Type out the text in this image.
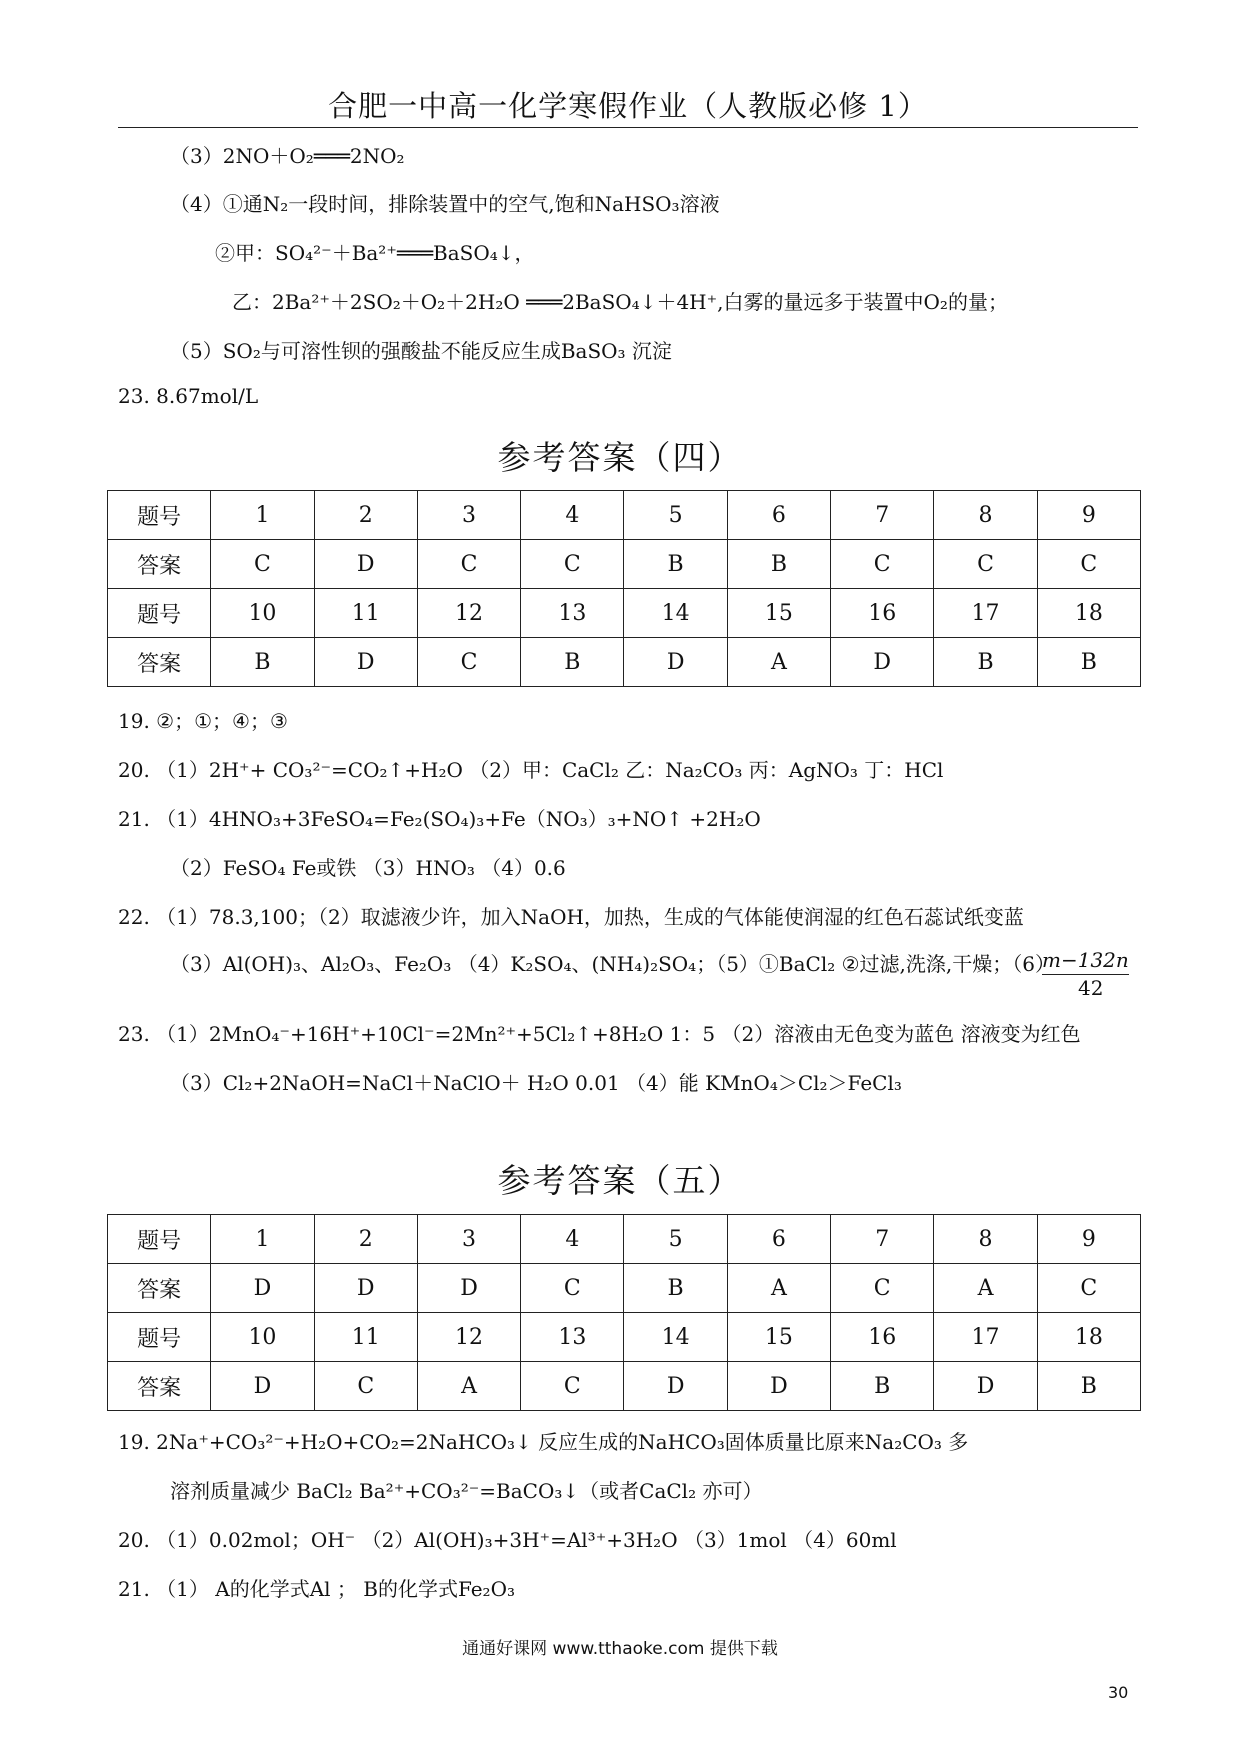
合肥一中高一化学寒假作业（人教版必修 1）
（3）2NO＋O₂═══2NO₂
（4）①通N₂一段时间，排除装置中的空气,饱和NaHSO₃溶液
②甲：SO₄²⁻＋Ba²⁺═══BaSO₄↓，
乙：2Ba²⁺＋2SO₂＋O₂＋2H₂O ═══2BaSO₄↓＋4H⁺,白雾的量远多于装置中O₂的量；
（5）SO₂与可溶性钡的强酸盐不能反应生成BaSO₃ 沉淀
23. 8.67mol/L
参考答案（四）
题号	1	2	3	4	5	6	7	8	9
答案	C	D	C	C	B	B	C	C	C
题号	10	11	12	13	14	15	16	17	18
答案	B	D	C	B	D	A	D	B	B
19. ②；①；④；③
20. （1）2H⁺+ CO₃²⁻=CO₂↑+H₂O （2）甲：CaCl₂ 乙：Na₂CO₃ 丙：AgNO₃ 丁：HCl
21. （1）4HNO₃+3FeSO₄=Fe₂(SO₄)₃+Fe（NO₃）₃+NO↑ +2H₂O
（2）FeSO₄ Fe或铁 （3）HNO₃ （4）0.6
22. （1）78.3,100；（2）取滤液少许，加入NaOH，加热，生成的气体能使润湿的红色石蕊试纸变蓝
（3）Al(OH)₃、Al₂O₃、Fe₂O₃ （4）K₂SO₄、(NH₄)₂SO₄；（5）①BaCl₂ ②过滤,洗涤,干燥；（6）
m−132n
42
23. （1）2MnO₄⁻+16H⁺+10Cl⁻=2Mn²⁺+5Cl₂↑+8H₂O 1：5 （2）溶液由无色变为蓝色 溶液变为红色
（3）Cl₂+2NaOH=NaCl＋NaClO＋ H₂O 0.01 （4）能 KMnO₄＞Cl₂＞FeCl₃
参考答案（五）
题号	1	2	3	4	5	6	7	8	9
答案	D	D	D	C	B	A	C	A	C
题号	10	11	12	13	14	15	16	17	18
答案	D	C	A	C	D	D	B	D	B
19. 2Na⁺+CO₃²⁻+H₂O+CO₂=2NaHCO₃↓ 反应生成的NaHCO₃固体质量比原来Na₂CO₃ 多
溶剂质量减少 BaCl₂ Ba²⁺+CO₃²⁻=BaCO₃↓（或者CaCl₂ 亦可）
20. （1）0.02mol；OH⁻ （2）Al(OH)₃+3H⁺=Al³⁺+3H₂O （3）1mol （4）60ml
21. （1） A的化学式Al ； B的化学式Fe₂O₃
通通好课网 www.tthaoke.com 提供下载
30
